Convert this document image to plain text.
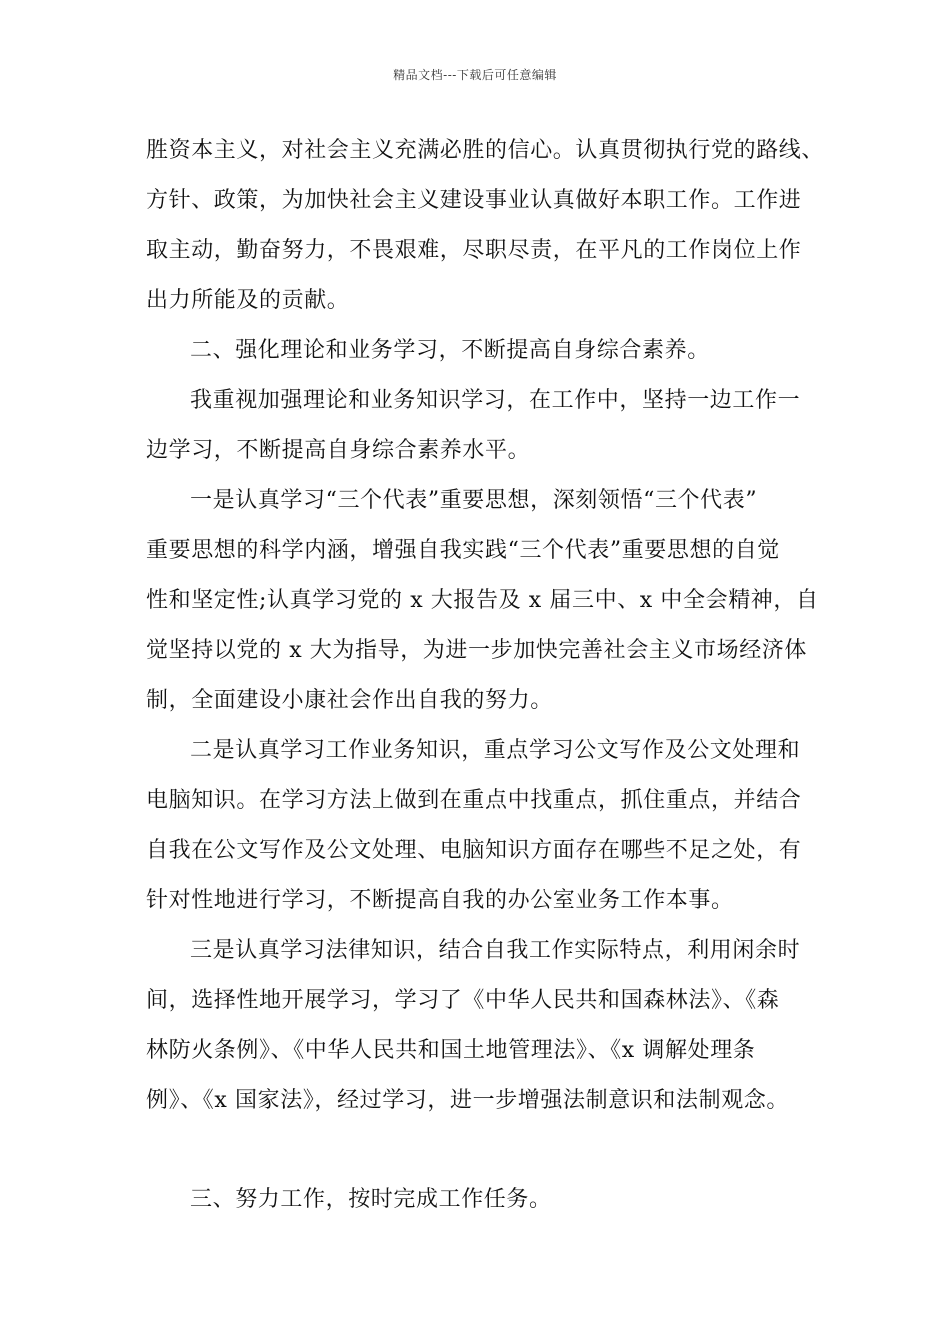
精品文档---下载后可任意编辑
胜资本主义，对社会主义充满必胜的信心。认真贯彻执行党的路线、
方针、政策，为加快社会主义建设事业认真做好本职工作。工作进
取主动，勤奋努力，不畏艰难，尽职尽责，在平凡的工作岗位上作
出力所能及的贡献。
二、强化理论和业务学习，不断提高自身综合素养。
我重视加强理论和业务知识学习，在工作中，坚持一边工作一
边学习，不断提高自身综合素养水平。
一是认真学习“三个代表”重要思想，深刻领悟“三个代表”
重要思想的科学内涵，增强自我实践“三个代表”重要思想的自觉
性和坚定性;认真学习党的 x 大报告及 x 届三中、x 中全会精神，自
觉坚持以党的 x 大为指导，为进一步加快完善社会主义市场经济体
制，全面建设小康社会作出自我的努力。
二是认真学习工作业务知识，重点学习公文写作及公文处理和
电脑知识。在学习方法上做到在重点中找重点，抓住重点，并结合
自我在公文写作及公文处理、电脑知识方面存在哪些不足之处，有
针对性地进行学习，不断提高自我的办公室业务工作本事。
三是认真学习法律知识，结合自我工作实际特点，利用闲余时
间，选择性地开展学习，学习了《中华人民共和国森林法》、《森
林防火条例》、《中华人民共和国土地管理法》、《x 调解处理条
例》、《x 国家法》，经过学习，进一步增强法制意识和法制观念。
三、努力工作，按时完成工作任务。
